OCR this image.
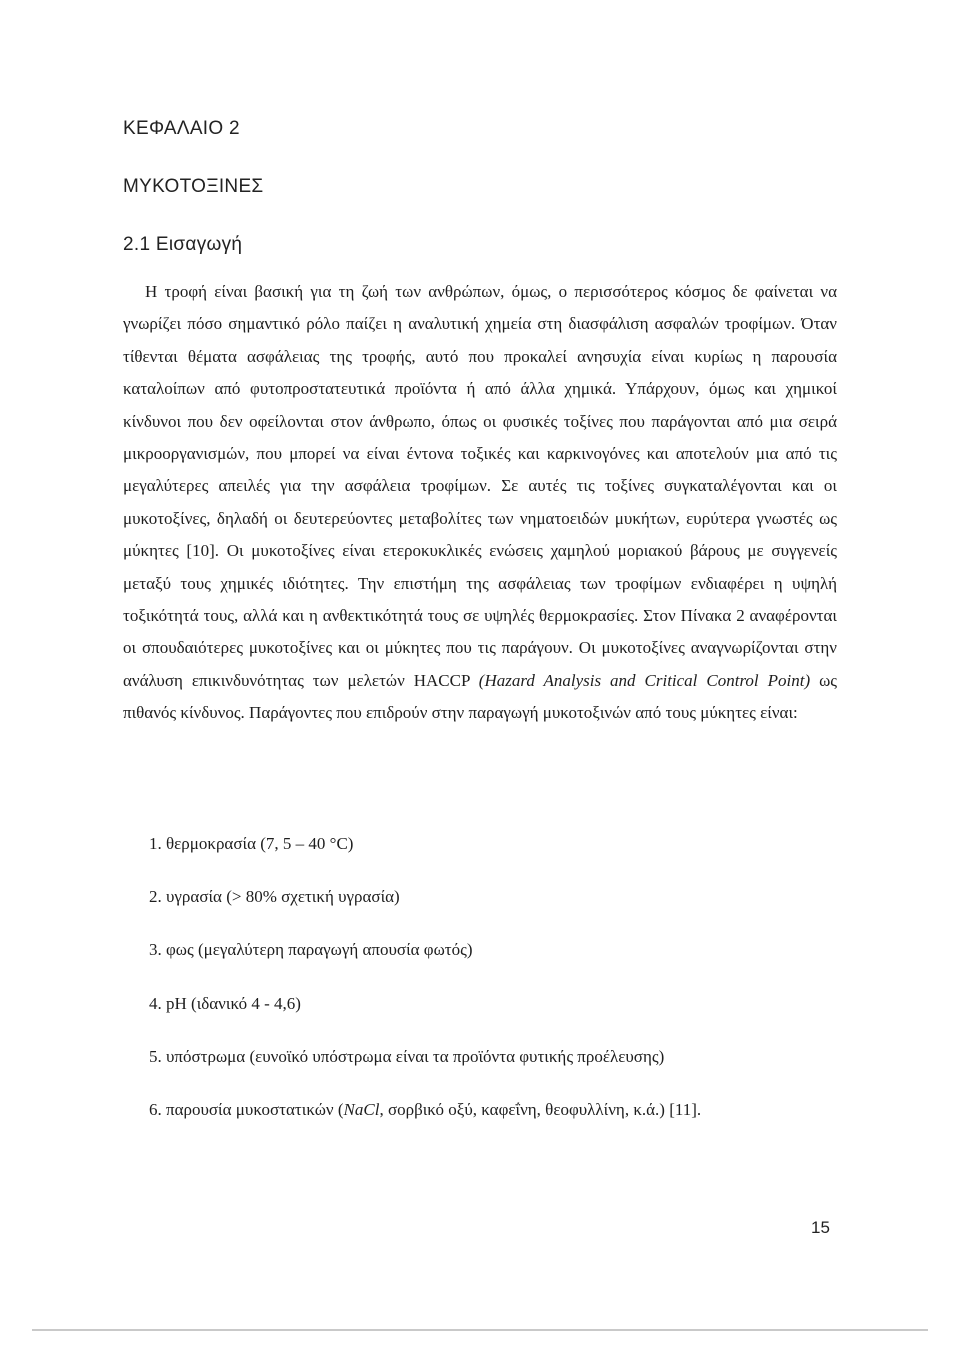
ΚΕΦΑΛΑΙΟ 2
ΜΥΚΟΤΟΞΙΝΕΣ
2.1 Εισαγωγή

Η τροφή είναι βασική για τη ζωή των ανθρώπων, όμως, ο περισσότερος κόσμος δε φαίνεται να γνωρίζει πόσο σημαντικό ρόλο παίζει η αναλυτική χημεία στη διασφάλιση ασφαλών τροφίμων. Όταν τίθενται θέματα ασφάλειας της τροφής, αυτό που προκαλεί ανησυχία είναι κυρίως η παρουσία καταλοίπων από φυτοπροστατευτικά προϊόντα ή από άλλα χημικά. Υπάρχουν, όμως και χημικοί κίνδυνοι που δεν οφείλονται στον άνθρωπο, όπως οι φυσικές τοξίνες που παράγονται από μια σειρά μικροοργανισμών, που μπορεί να είναι έντονα τοξικές και καρκινογόνες και αποτελούν μια από τις μεγαλύτερες απειλές για την ασφάλεια τροφίμων. Σε αυτές τις τοξίνες συγκαταλέγονται και οι μυκοτοξίνες, δηλαδή οι δευτερεύοντες μεταβολίτες των νηματοειδών μυκήτων, ευρύτερα γνωστές ως μύκητες [10]. Οι μυκοτοξίνες είναι ετεροκυκλικές ενώσεις χαμηλού μοριακού βάρους με συγγενείς μεταξύ τους χημικές ιδιότητες. Την επιστήμη της ασφάλειας των τροφίμων ενδιαφέρει η υψηλή τοξικότητά τους, αλλά και η ανθεκτικότητά τους σε υψηλές θερμοκρασίες. Στον Πίνακα 2 αναφέρονται οι σπουδαιότερες μυκοτοξίνες και οι μύκητες που τις παράγουν. Οι μυκοτοξίνες αναγνωρίζονται στην ανάλυση επικινδυνότητας των μελετών HACCP (Hazard Analysis and Critical Control Point) ως πιθανός κίνδυνος. Παράγοντες που επιδρούν στην παραγωγή μυκοτοξινών από τους μύκητες είναι:

1. θερμοκρασία (7, 5 – 40 °C)
2. υγρασία (> 80% σχετική υγρασία)
3. φως (μεγαλύτερη παραγωγή απουσία φωτός)
4. pH (ιδανικό 4 - 4,6)
5. υπόστρωμα (ευνοϊκό υπόστρωμα είναι τα προϊόντα φυτικής προέλευσης)
6. παρουσία μυκοστατικών (NaCl, σορβικό οξύ, καφεΐνη, θεοφυλλίνη, κ.ά.) [11].
15
